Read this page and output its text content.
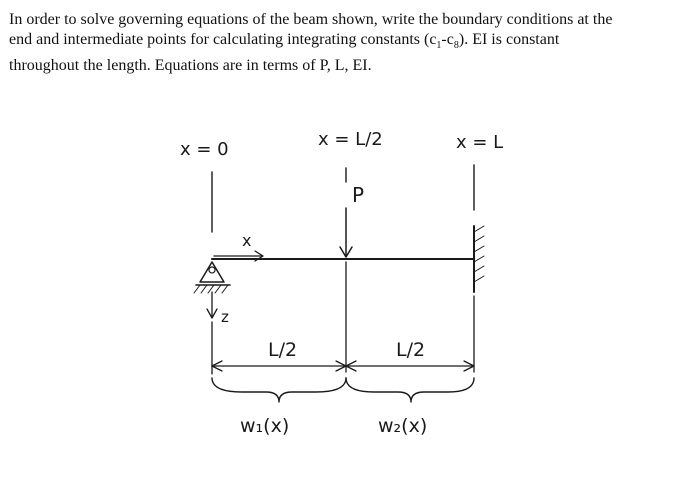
In order to solve governing equations of the beam shown, write the boundary conditions at the
end and intermediate points for calculating integrating constants $(c_1-c_8)$. EI is constant
throughout the length. Equations are in terms of P, L, EI.
x = 0	x = L/2	x = L
P
x
z
L/2	L/2
w₁(x)	w₂(x)
